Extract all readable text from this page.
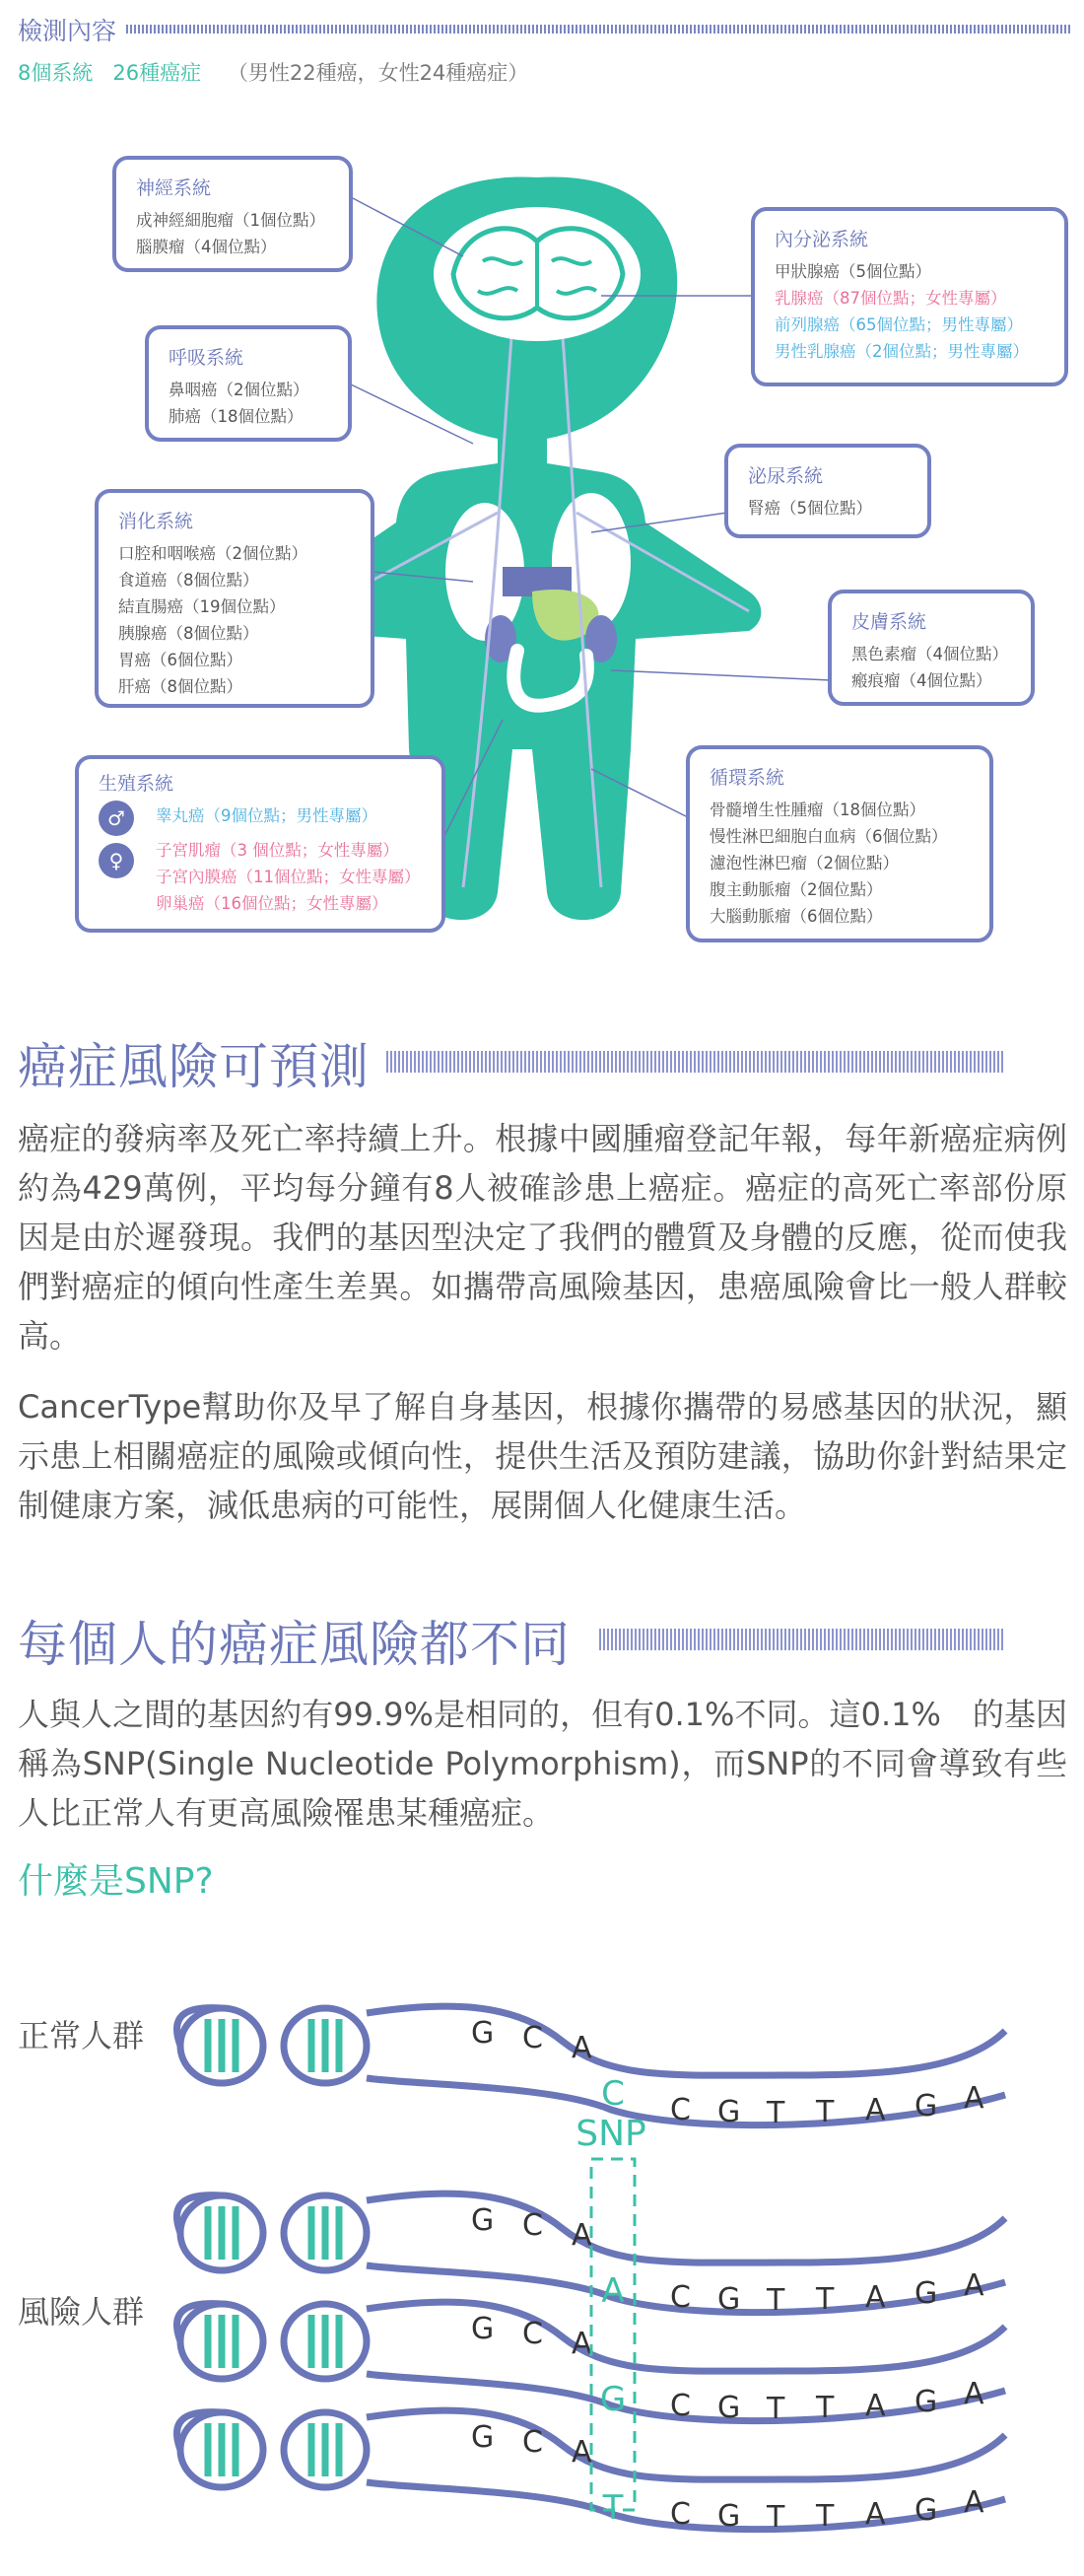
檢測內容
8個系統 26種癌症 （男性22種癌，女性24種癌症）
神經系統
成神經細胞瘤（1個位點）
腦膜瘤（4個位點）
呼吸系統
鼻咽癌（2個位點）
肺癌（18個位點）
消化系統
口腔和咽喉癌（2個位點）
食道癌（8個位點）
結直腸癌（19個位點）
胰腺癌（8個位點）
胃癌（6個位點）
肝癌（8個位點）
生殖系統
♂	睾丸癌（9個位點；男性專屬）
♀	子宮肌瘤（3 個位點；女性專屬）
子宮內膜癌（11個位點；女性專屬）
卵巢癌（16個位點；女性專屬）
內分泌系統
甲狀腺癌（5個位點）
乳腺癌（87個位點；女性專屬）
前列腺癌（65個位點；男性專屬）
男性乳腺癌（2個位點；男性專屬）
泌尿系統
腎癌（5個位點）
皮膚系統
黑色素瘤（4個位點）
瘢痕瘤（4個位點）
循環系統
骨髓增生性腫瘤（18個位點）
慢性淋巴細胞白血病（6個位點）
濾泡性淋巴瘤（2個位點）
腹主動脈瘤（2個位點）
大腦動脈瘤（6個位點）
癌症風險可預測
癌症的發病率及死亡率持續上升。根據中國腫瘤登記年報，每年新癌症病例約為429萬例，平均每分鐘有8人被確診患上癌症。癌症的高死亡率部份原因是由於遲發現。我們的基因型決定了我們的體質及身體的反應，從而使我們對癌症的傾向性產生差異。如攜帶高風險基因，患癌風險會比一般人群較高。
CancerType幫助你及早了解自身基因，根據你攜帶的易感基因的狀況，顯示患上相關癌症的風險或傾向性，提供生活及預防建議，協助你針對結果定制健康方案，減低患病的可能性，展開個人化健康生活。
每個人的癌症風險都不同
人與人之間的基因約有99.9%是相同的，但有0.1%不同。這0.1%　的基因稱為SNP(Single Nucleotide Polymorphism)，而SNP的不同會導致有些人比正常人有更高風險罹患某種癌症。
什麼是SNP?
正常人群
風險人群
G C A
C C G T T A G A
G C A
A C G T T A G A
G C A
G C G T T A G A
G C A
T C G T T A G A
SNP
